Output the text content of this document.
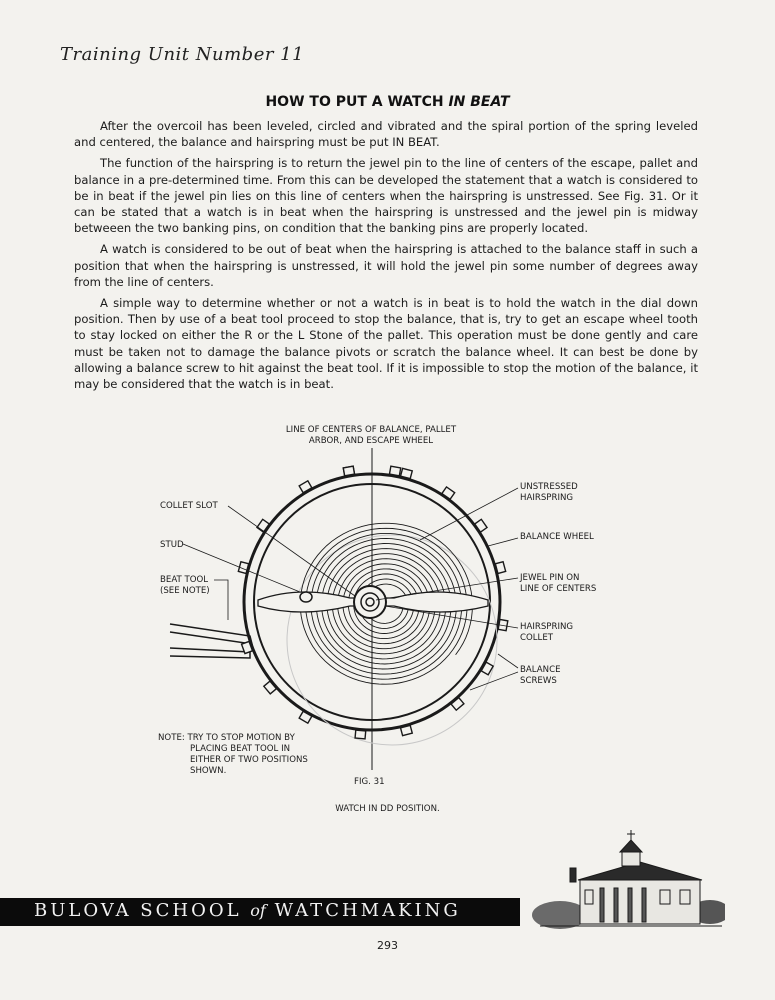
Training Unit Number 11
HOW TO PUT A WATCH IN BEAT

After the overcoil has been leveled, circled and vibrated and the spiral portion of the spring leveled and centered, the balance and hairspring must be put IN BEAT.

The function of the hairspring is to return the jewel pin to the line of centers of the escape, pallet and balance in a pre-determined time. From this can be developed the statement that a watch is considered to be in beat if the jewel pin lies on this line of centers when the hairspring is unstressed. See Fig. 31. Or it can be stated that a watch is in beat when the hairspring is unstressed and the jewel pin is midway betweeen the two banking pins, on condition that the banking pins are properly located.

A watch is considered to be out of beat when the hairspring is attached to the balance staff in such a position that when the hairspring is unstressed, it will hold the jewel pin some number of degrees away from the line of centers.

A simple way to determine whether or not a watch is in beat is to hold the watch in the dial down position. Then by use of a beat tool proceed to stop the balance, that is, try to get an escape wheel tooth to stay locked on either the R or the L Stone of the pallet. This operation must be done gently and care must be taken not to damage the balance pivots or scratch the balance wheel. It can best be done by allowing a balance screw to hit against the beat tool. If it is impossible to stop the motion of the balance, it may be considered that the watch is in beat.

LINE OF CENTERS OF BALANCE, PALLET
ARBOR, AND ESCAPE WHEEL
COLLET SLOT
STUD
BEAT TOOL
(SEE NOTE)
UNSTRESSED
HAIRSPRING
BALANCE WHEEL
JEWEL PIN ON
LINE OF CENTERS
HAIRSPRING
COLLET
BALANCE
SCREWS
NOTE: TRY TO STOP MOTION BY
PLACING BEAT TOOL IN
EITHER OF TWO POSITIONS
SHOWN.
FIG. 31
WATCH IN DD POSITION.
BULOVA SCHOOL of WATCHMAKING
293
